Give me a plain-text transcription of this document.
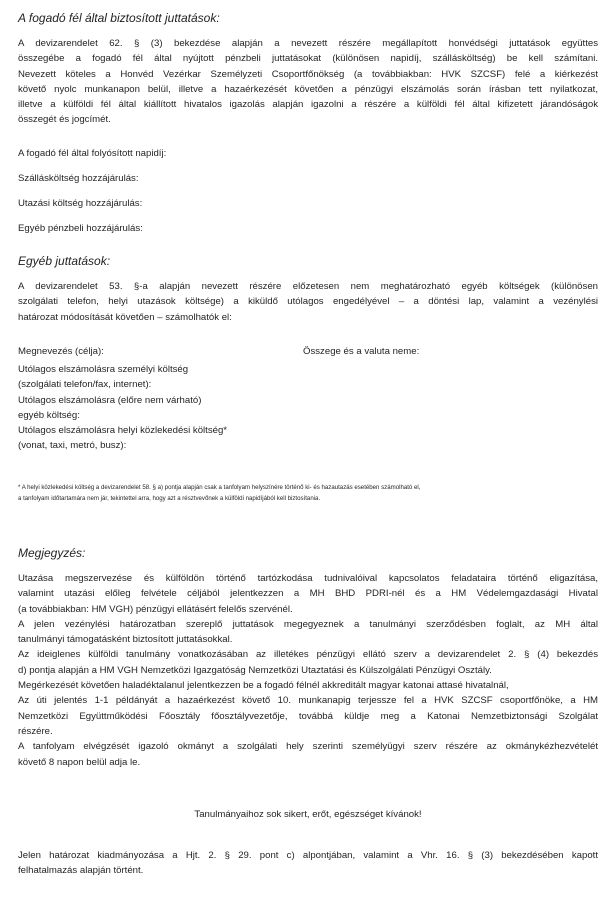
A fogadó fél által biztosított juttatások:
A devizarendelet 62. § (3) bekezdése alapján a nevezett részére megállapított honvédségi juttatások együttes
összegébe a fogadó fél által nyújtott pénzbeli juttatásokat (különösen napidíj, szállásköltség) be kell számítani.
Nevezett köteles a Honvéd Vezérkar Személyzeti Csoportfőnökség (a továbbiakban: HVK SZCSF) felé a kiérkezést
követő nyolc munkanapon belül, illetve a hazaérkezését követően a pénzügyi elszámolás során írásban tett nyilatkozat,
illetve a külföldi fél által kiállított hivatalos igazolás alapján igazolni a részére a külföldi fél által kifizetett járandóságok
összegét és jogcímét.
A fogadó fél által folyósított napidíj:
Szállásköltség hozzájárulás:
Utazási költség hozzájárulás:
Egyéb pénzbeli hozzájárulás:
Egyéb juttatások:
A devizarendelet 53. §-a alapján nevezett részére előzetesen nem meghatározható egyéb költségek (különösen
szolgálati telefon, helyi utazások költsége) a kiküldő utólagos engedélyével – a döntési lap, valamint a vezénylési
határozat módosítását követően – számolhatók el:
Megnevezés (célja):	Összege és a valuta neme:
Utólagos elszámolásra személyi költség
(szolgálati telefon/fax, internet):
Utólagos elszámolásra (előre nem várható)
egyéb költség:
Utólagos elszámolásra helyi közlekedési költség*
(vonat, taxi, metró, busz):
* A helyi közlekedési költség a devizarendelet 58. § a) pontja alapján csak a tanfolyam helyszínére történő ki- és hazautazás esetében számolható el,
a tanfolyam időtartamára nem jár, tekintettel arra, hogy azt a résztvevőnek a külföldi napidíjából kell biztosítania.
Megjegyzés:
Utazása megszervezése és külföldön történő tartózkodása tudnivalóival kapcsolatos feladataira történő eligazítása,
valamint utazási előleg felvétele céljából jelentkezzen a MH BHD PDRI-nél és a HM Védelemgazdasági Hivatal
(a továbbiakban: HM VGH) pénzügyi ellátásért felelős szervénél.
A jelen vezénylési határozatban szereplő juttatások megegyeznek a tanulmányi szerződésben foglalt, az MH által
tanulmányi támogatásként biztosított juttatásokkal.
Az ideiglenes külföldi tanulmány vonatkozásában az illetékes pénzügyi ellátó szerv a devizarendelet 2. § (4) bekezdés
d) pontja alapján a HM VGH Nemzetközi Igazgatóság Nemzetközi Utaztatási és Külszolgálati Pénzügyi Osztály.
Megérkezését követően haladéktalanul jelentkezzen be a fogadó félnél akkreditált magyar katonai attasé hivatalnál,
Az úti jelentés 1-1 példányát a hazaérkezést követő 10. munkanapig terjessze fel a HVK SZCSF csoportfőnöke, a HM
Nemzetközi Együttműködési Főosztály főosztályvezetője, továbbá küldje meg a Katonai Nemzetbiztonsági Szolgálat
részére.
A tanfolyam elvégzését igazoló okmányt a szolgálati hely szerinti személyügyi szerv részére az okmánykézhezvételét
követő 8 napon belül adja le.
Tanulmányaihoz sok sikert, erőt, egészséget kívánok!
Jelen határozat kiadmányozása a Hjt. 2. § 29. pont c) alpontjában, valamint a Vhr. 16. § (3) bekezdésében kapott
felhatalmazás alapján történt.
